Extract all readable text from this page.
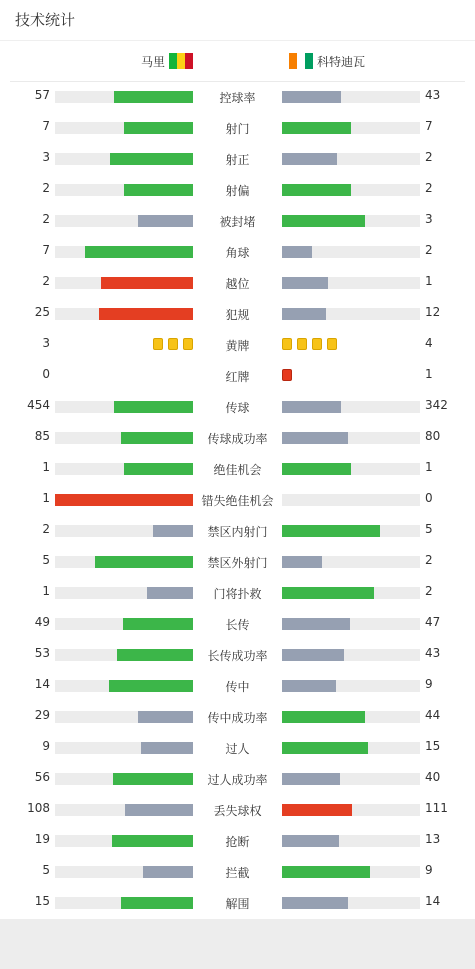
技术统计
马里	科特迪瓦
57	控球率	43
7	射门	7
3	射正	2
2	射偏	2
2	被封堵	3
7	角球	2
2	越位	1
25	犯规	12
3	黄牌	4
0	红牌	1
454	传球	342
85	传球成功率	80
1	绝佳机会	1
1	错失绝佳机会	0
2	禁区内射门	5
5	禁区外射门	2
1	门将扑救	2
49	长传	47
53	长传成功率	43
14	传中	9
29	传中成功率	44
9	过人	15
56	过人成功率	40
108	丢失球权	111
19	抢断	13
5	拦截	9
15	解围	14
